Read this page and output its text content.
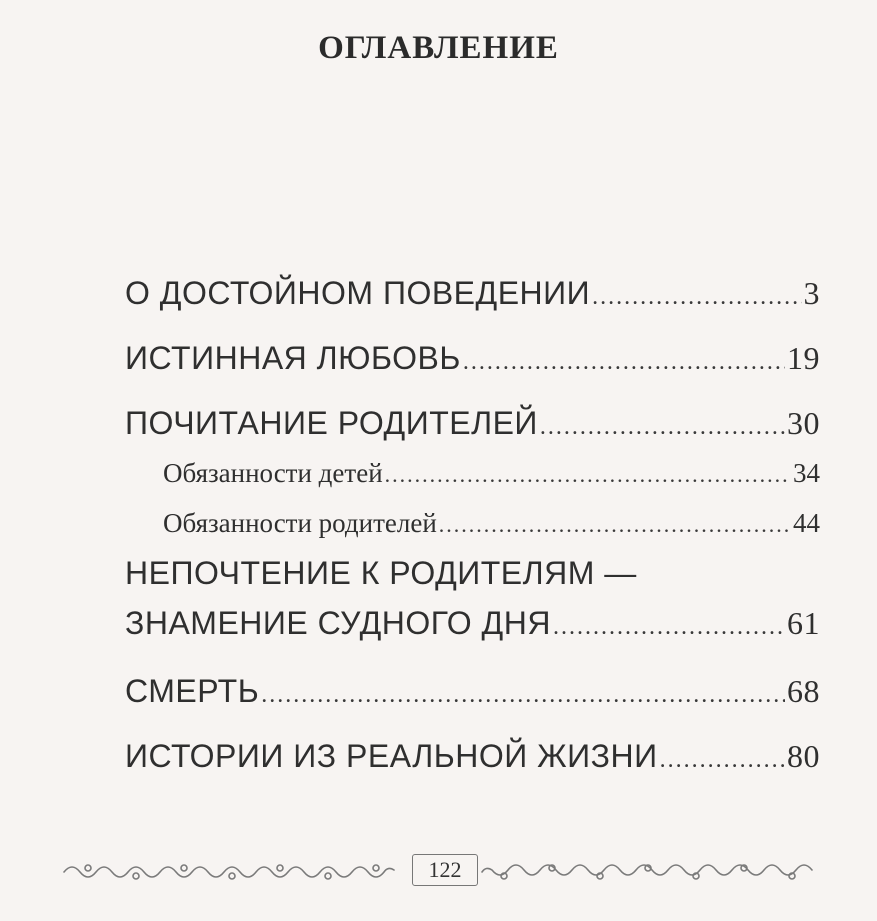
ОГЛАВЛЕНИЕ
О ДОСТОЙНОМ ПОВЕДЕНИИ .....	3
ИСТИННАЯ ЛЮБОВЬ .....	19
ПОЧИТАНИЕ РОДИТЕЛЕЙ .....	30
Обязанности детей .....	34
Обязанности родителей .....	44
НЕПОЧТЕНИЕ К РОДИТЕЛЯМ —
ЗНАМЕНИЕ СУДНОГО ДНЯ .....	61
СМЕРТЬ .....	68
ИСТОРИИ ИЗ РЕАЛЬНОЙ ЖИЗНИ .....	80
122
